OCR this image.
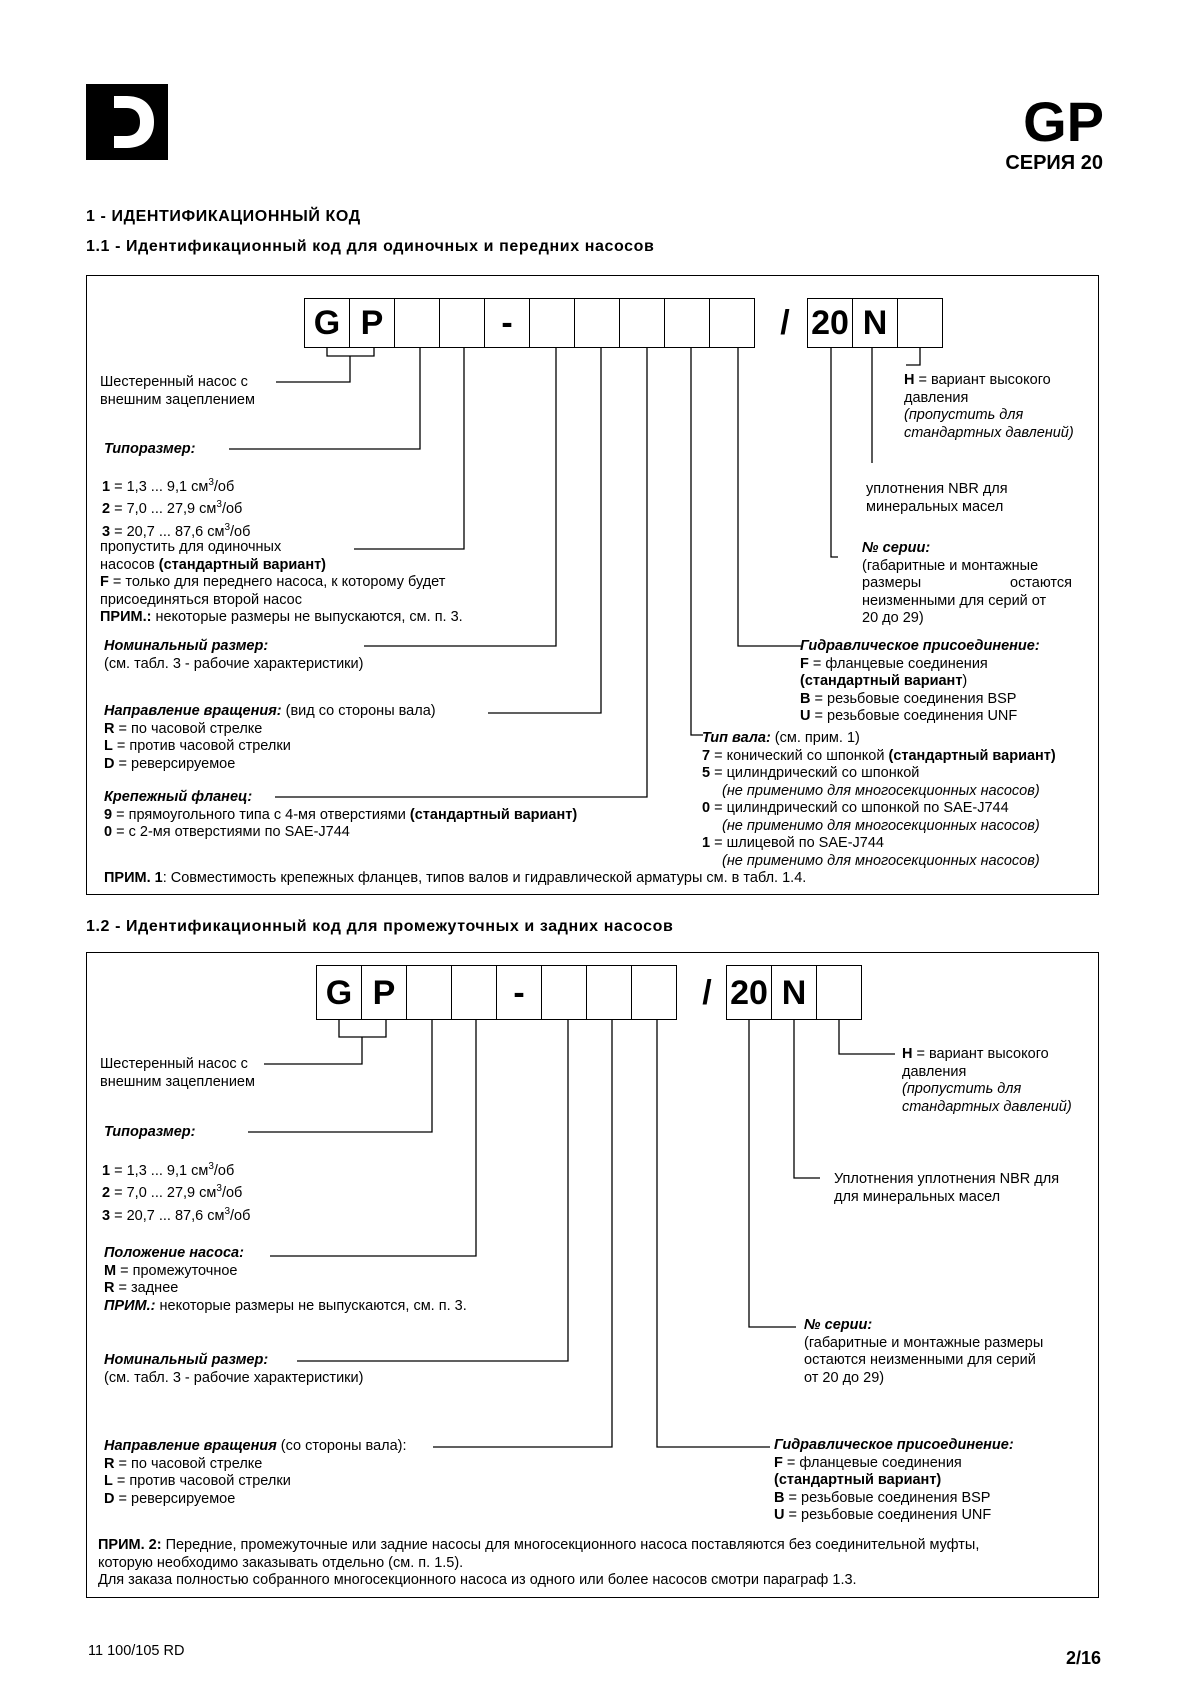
GP
СЕРИЯ 20
1 - ИДЕНТИФИКАЦИОННЫЙ КОД
1.1 - Идентификационный код для одиночных и передних насосов
G P	-	/ 20 N
1.2 - Идентификационный код для промежуточных и задних насосов
G P	-	/ 20 N
Шестеренный насос с
внешним зацеплением
Типоразмер:
1 = 1,3 ... 9,1 $см^3/об$
2 = 7,0 ... 27,9 $см^3/об$
3 = 20,7 ... 87,6 $см^3/об$
пропустить для одиночных
насосов (стандартный вариант)
F = только для переднего насоса, к которому будет
присоединяться второй насос
ПРИМ.: некоторые размеры не выпускаются, см. п. 3.
Номинальный размер:
(см. табл. 3 - рабочие характеристики)
Направление вращения: (вид со стороны вала)
R = по часовой стрелке
L = против часовой стрелки
D = реверсируемое
Крепежный фланец:
9 = прямоугольного типа с 4-мя отверстиями (стандартный вариант)
0 = с 2-мя отверстиями по SAE-J744
H = вариант высокого
давления
(пропустить для
стандартных давлений)
уплотнения NBR для
минеральных масел
№ серии:
(габаритные и монтажные
размеры	остаются
неизменными для серий от
20 до 29)
Гидравлическое присоединение:
F = фланцевые соединения
(стандартный вариант)
B = резьбовые соединения BSP
U = резьбовые соединения UNF
Тип вала: (см. прим. 1)
7 = конический со шпонкой (стандартный вариант)
5 = цилиндрический со шпонкой
(не применимо для многосекционных насосов)
0 = цилиндрический со шпонкой по SAE-J744
(не применимо для многосекционных насосов)
1 = шлицевой по SAE-J744
(не применимо для многосекционных насосов)
ПРИМ. 1: Совместимость крепежных фланцев, типов валов и гидравлической арматуры см. в табл. 1.4.
Шестеренный насос с
внешним зацеплением
Типоразмер:
1 = 1,3 ... 9,1 $см^3/об$
2 = 7,0 ... 27,9 $см^3/об$
3 = 20,7 ... 87,6 $см^3/об$
Положение насоса:
M = промежуточное
R = заднее
ПРИМ.: некоторые размеры не выпускаются, см. п. 3.
Номинальный размер:
(см. табл. 3 - рабочие характеристики)
Направление вращения (со стороны вала):
R = по часовой стрелке
L = против часовой стрелки
D = реверсируемое
H = вариант высокого
давления
(пропустить для
стандартных давлений)
Уплотнения уплотнения NBR для
для минеральных масел
№ серии:
(габаритные и монтажные размеры
остаются неизменными для серий
от 20 до 29)
Гидравлическое присоединение:
F = фланцевые соединения
(стандартный вариант)
B = резьбовые соединения BSP
U = резьбовые соединения UNF
ПРИМ. 2: Передние, промежуточные или задние насосы для многосекционного насоса поставляются без соединительной муфты,
которую необходимо заказывать отдельно (см. п. 1.5).
Для заказа полностью собранного многосекционного насоса из одного или более насосов смотри параграф 1.3.
11 100/105 RD	2/16
